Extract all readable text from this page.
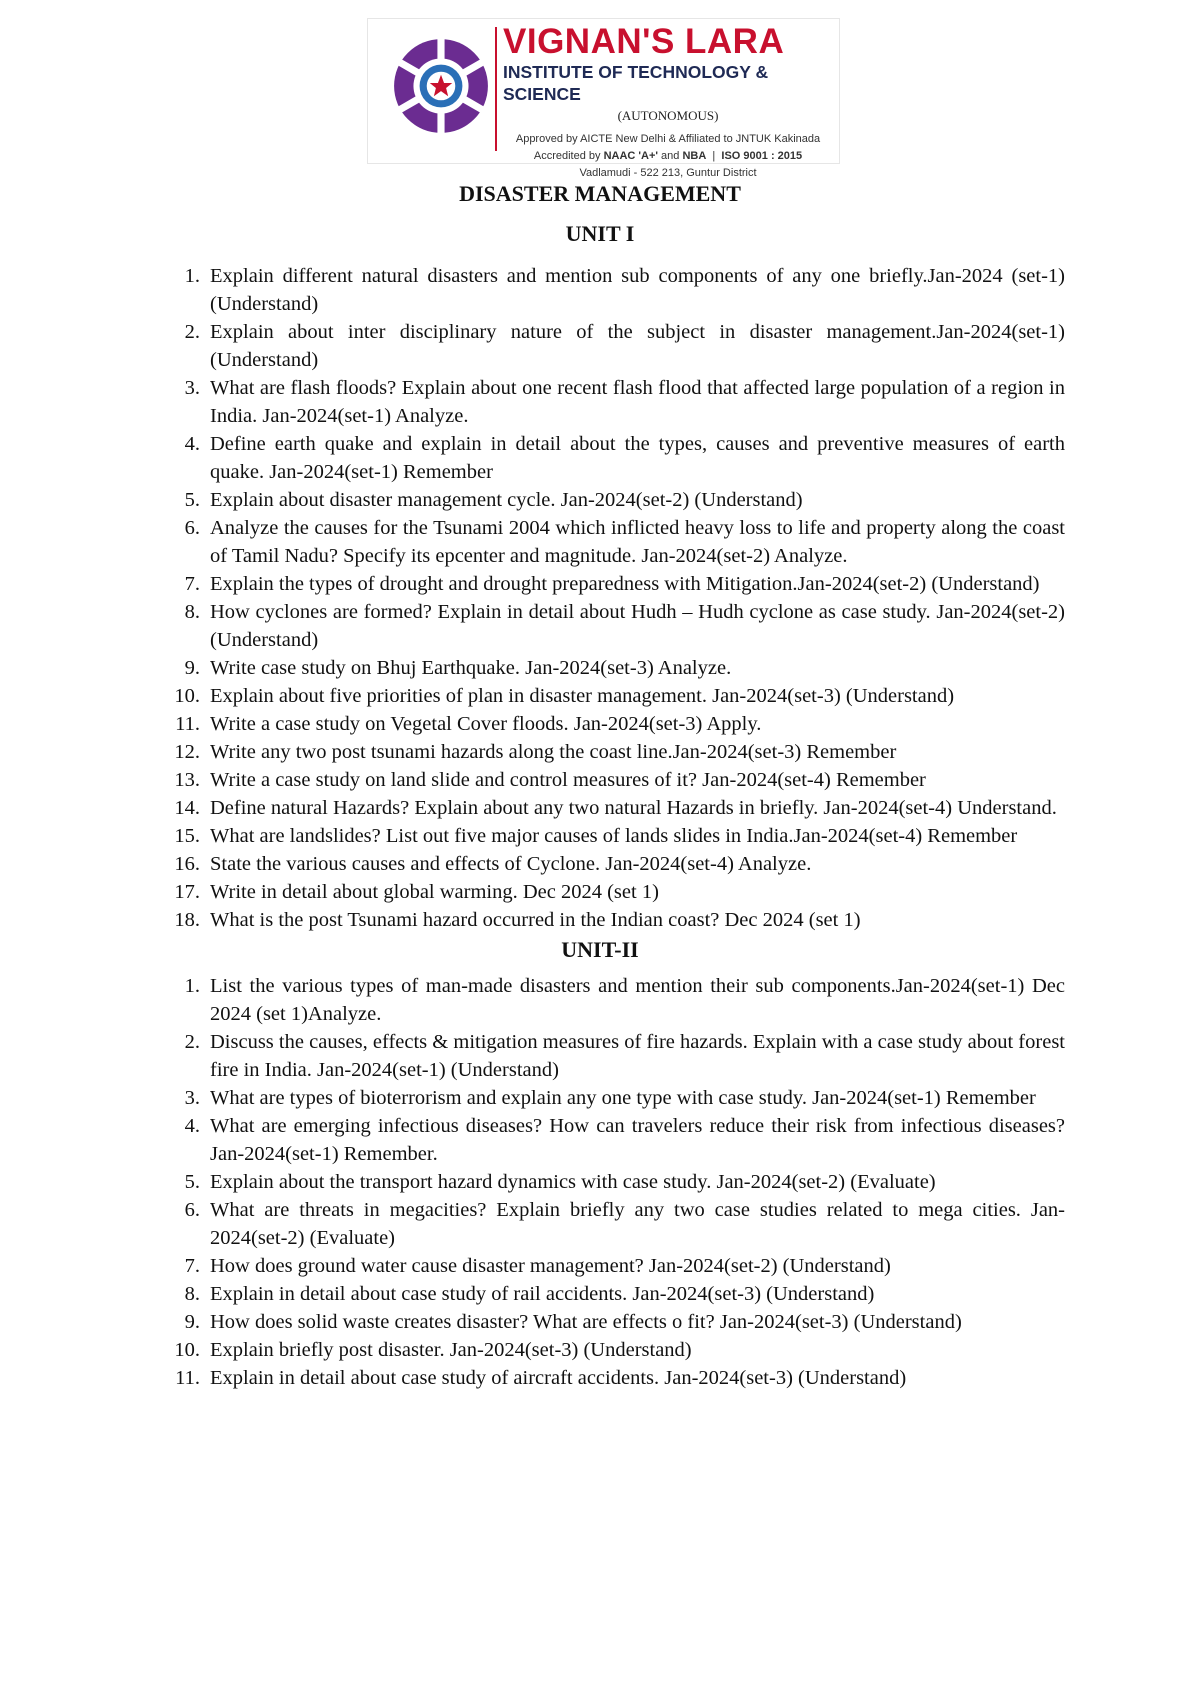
VIGNAN'S LARA
INSTITUTE OF TECHNOLOGY & SCIENCE
(AUTONOMOUS)
Approved by AICTE New Delhi & Affiliated to JNTUK Kakinada
Accredited by NAAC 'A+' and NBA  |  ISO 9001 : 2015
Vadlamudi - 522 213, Guntur District
DISASTER MANAGEMENT
UNIT I
1. Explain different natural disasters and mention sub components of any one briefly.Jan-2024 (set-1) (Understand)
2. Explain about inter disciplinary nature of the subject in disaster management.Jan-2024(set-1) (Understand)
3. What are flash floods? Explain about one recent flash flood that affected large population of a region in India. Jan-2024(set-1) Analyze.
4. Define earth quake and explain in detail about the types, causes and preventive measures of earth quake. Jan-2024(set-1) Remember
5. Explain about disaster management cycle. Jan-2024(set-2) (Understand)
6. Analyze the causes for the Tsunami 2004 which inflicted heavy loss to life and property along the coast of Tamil Nadu? Specify its epcenter and magnitude. Jan-2024(set-2) Analyze.
7. Explain the types of drought and drought preparedness with Mitigation.Jan-2024(set-2) (Understand)
8. How cyclones are formed? Explain in detail about Hudh – Hudh cyclone as case study. Jan-2024(set-2) (Understand)
9. Write case study on Bhuj Earthquake. Jan-2024(set-3) Analyze.
10. Explain about five priorities of plan in disaster management. Jan-2024(set-3) (Understand)
11. Write a case study on Vegetal Cover floods. Jan-2024(set-3) Apply.
12. Write any two post tsunami hazards along the coast line.Jan-2024(set-3) Remember
13. Write a case study on land slide and control measures of it? Jan-2024(set-4) Remember
14. Define natural Hazards? Explain about any two natural Hazards in briefly. Jan-2024(set-4) Understand.
15. What are landslides? List out five major causes of lands slides in India.Jan-2024(set-4) Remember
16. State the various causes and effects of Cyclone. Jan-2024(set-4) Analyze.
17. Write in detail about global warming. Dec 2024 (set 1)
18. What is the post Tsunami hazard occurred in the Indian coast? Dec 2024 (set 1)
UNIT-II
1. List the various types of man-made disasters and mention their sub components.Jan-2024(set-1) Dec 2024 (set 1)Analyze.
2. Discuss the causes, effects & mitigation measures of fire hazards. Explain with a case study about forest fire in India. Jan-2024(set-1) (Understand)
3. What are types of bioterrorism and explain any one type with case study. Jan-2024(set-1) Remember
4. What are emerging infectious diseases? How can travelers reduce their risk from infectious diseases? Jan-2024(set-1) Remember.
5. Explain about the transport hazard dynamics with case study. Jan-2024(set-2) (Evaluate)
6. What are threats in megacities? Explain briefly any two case studies related to mega cities. Jan-2024(set-2) (Evaluate)
7. How does ground water cause disaster management? Jan-2024(set-2) (Understand)
8. Explain in detail about case study of rail accidents. Jan-2024(set-3) (Understand)
9. How does solid waste creates disaster? What are effects o fit? Jan-2024(set-3) (Understand)
10. Explain briefly post disaster. Jan-2024(set-3) (Understand)
11. Explain in detail about case study of aircraft accidents. Jan-2024(set-3) (Understand)
